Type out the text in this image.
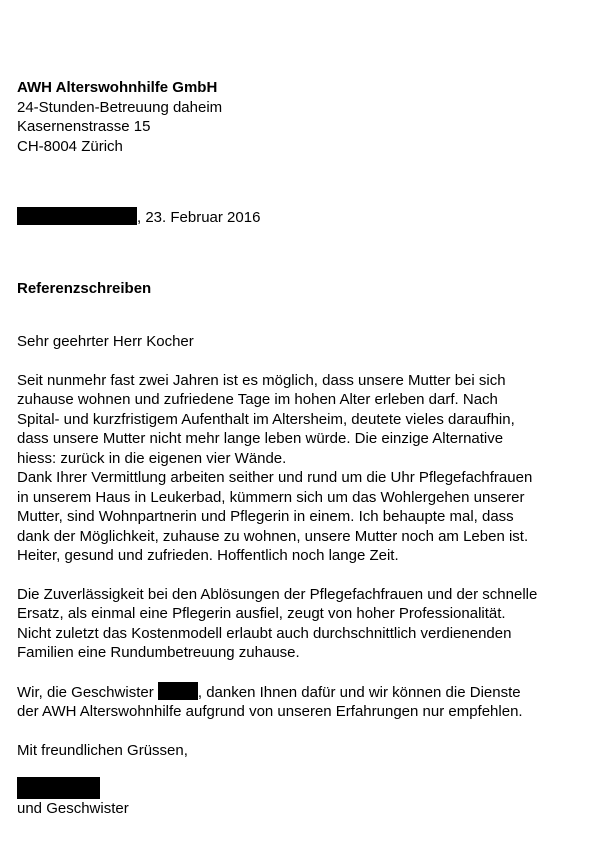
AWH Alterswohnhilfe GmbH
24-Stunden-Betreuung daheim
Kasernenstrasse 15
CH-8004 Zürich
, 23. Februar 2016
Referenzschreiben
Sehr geehrter Herr Kocher
Seit nunmehr fast zwei Jahren ist es möglich, dass unsere Mutter bei sich
zuhause wohnen und zufriedene Tage im hohen Alter erleben darf. Nach
Spital- und kurzfristigem Aufenthalt im Altersheim, deutete vieles daraufhin,
dass unsere Mutter nicht mehr lange leben würde. Die einzige Alternative
hiess: zurück in die eigenen vier Wände.
Dank Ihrer Vermittlung arbeiten seither und rund um die Uhr Pflegefachfrauen
in unserem Haus in Leukerbad, kümmern sich um das Wohlergehen unserer
Mutter, sind Wohnpartnerin und Pflegerin in einem. Ich behaupte mal, dass
dank der Möglichkeit, zuhause zu wohnen, unsere Mutter noch am Leben ist.
Heiter, gesund und zufrieden. Hoffentlich noch lange Zeit.
Die Zuverlässigkeit bei den Ablösungen der Pflegefachfrauen und der schnelle
Ersatz, als einmal eine Pflegerin ausfiel, zeugt von hoher Professionalität.
Nicht zuletzt das Kostenmodell erlaubt auch durchschnittlich verdienenden
Familien eine Rundumbetreuung zuhause.
Wir, die Geschwister	, danken Ihnen dafür und wir können die Dienste
der AWH Alterswohnhilfe aufgrund von unseren Erfahrungen nur empfehlen.
Mit freundlichen Grüssen,
und Geschwister
